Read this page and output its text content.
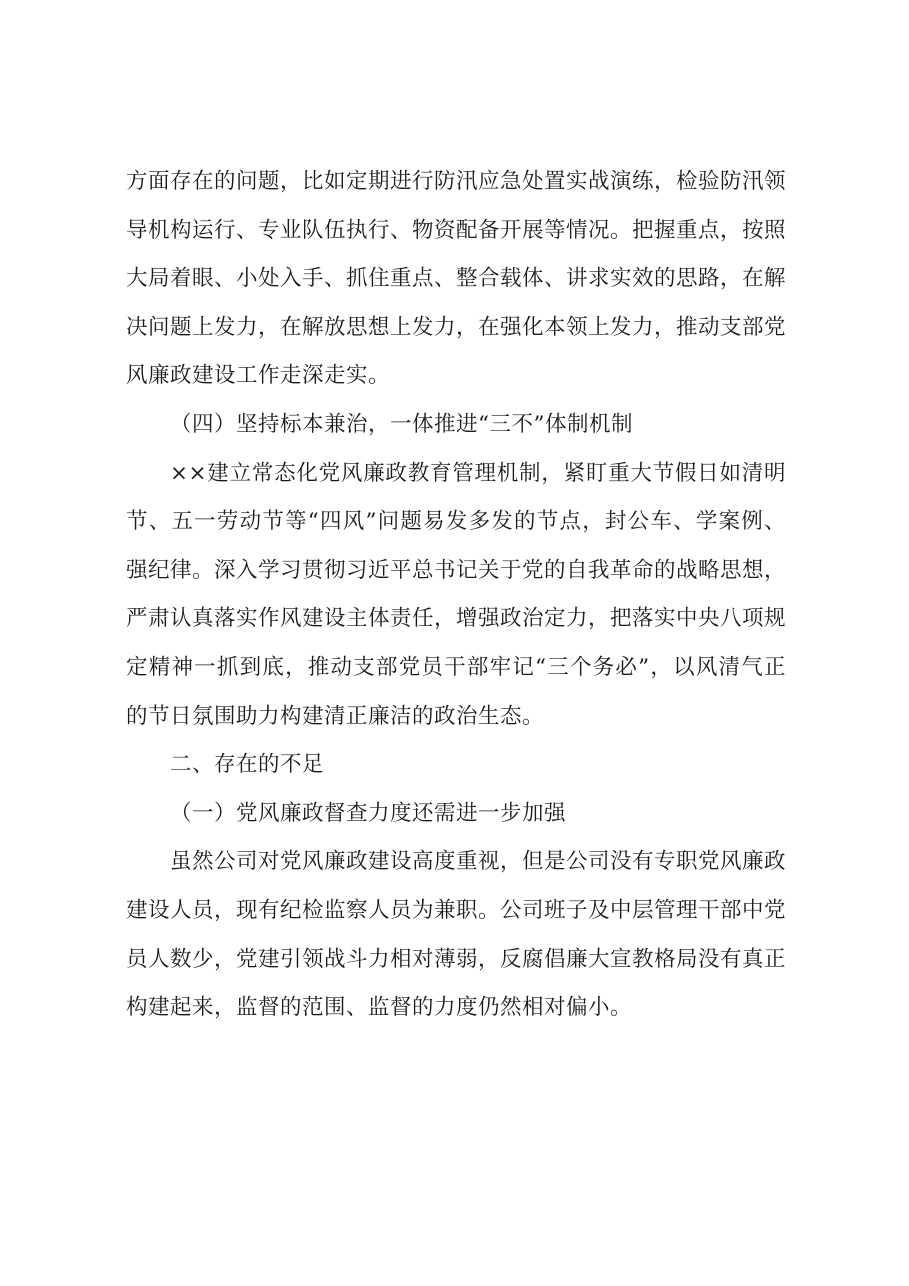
方面存在的问题，比如定期进行防汛应急处置实战演练，检验防汛领导机构运行、专业队伍执行、物资配备开展等情况。把握重点，按照大局着眼、小处入手、抓住重点、整合载体、讲求实效的思路，在解决问题上发力，在解放思想上发力，在强化本领上发力，推动支部党风廉政建设工作走深走实。

（四）坚持标本兼治，一体推进“三不”体制机制

××建立常态化党风廉政教育管理机制，紧盯重大节假日如清明节、五一劳动节等“四风”问题易发多发的节点，封公车、学案例、强纪律。深入学习贯彻习近平总书记关于党的自我革命的战略思想，严肃认真落实作风建设主体责任，增强政治定力，把落实中央八项规定精神一抓到底，推动支部党员干部牢记“三个务必”，以风清气正的节日氛围助力构建清正廉洁的政治生态。

二、存在的不足

（一）党风廉政督查力度还需进一步加强

虽然公司对党风廉政建设高度重视，但是公司没有专职党风廉政建设人员，现有纪检监察人员为兼职。公司班子及中层管理干部中党员人数少，党建引领战斗力相对薄弱，反腐倡廉大宣教格局没有真正构建起来，监督的范围、监督的力度仍然相对偏小。
